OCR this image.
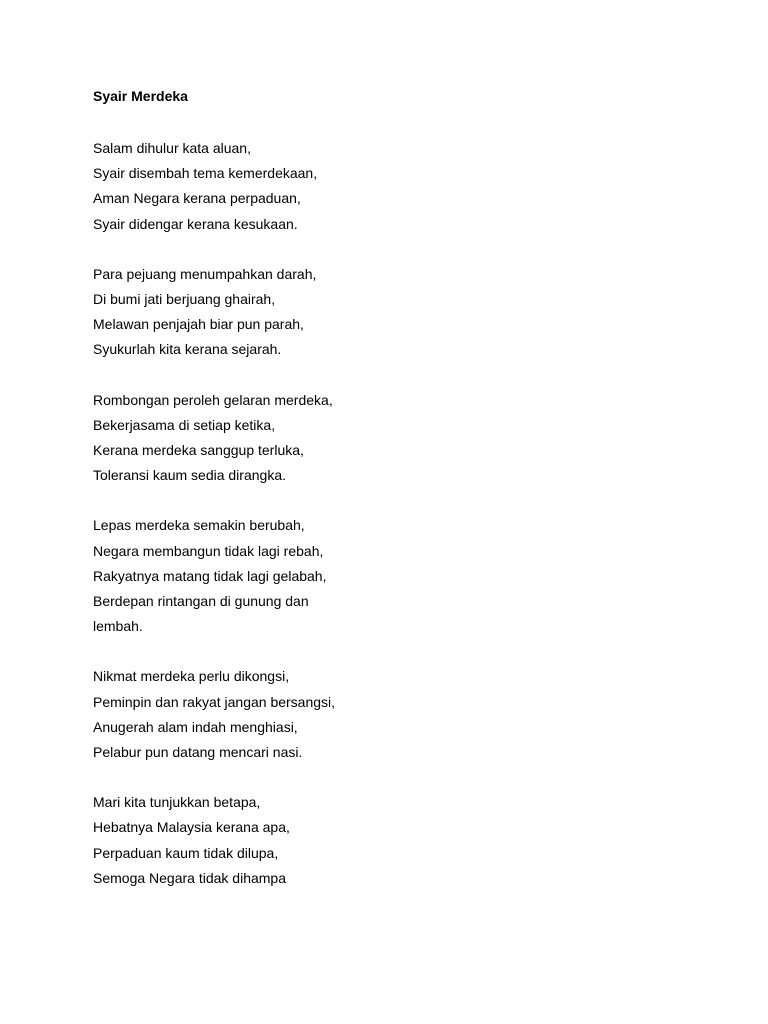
Syair Merdeka
Salam dihulur kata aluan,
Syair disembah tema kemerdekaan,
Aman Negara kerana perpaduan,
Syair didengar kerana kesukaan.
Para pejuang menumpahkan darah,
Di bumi jati berjuang ghairah,
Melawan penjajah biar pun parah,
Syukurlah kita kerana sejarah.
Rombongan peroleh gelaran merdeka,
Bekerjasama di setiap ketika,
Kerana merdeka sanggup terluka,
Toleransi kaum sedia dirangka.
Lepas merdeka semakin berubah,
Negara membangun tidak lagi rebah,
Rakyatnya matang tidak lagi gelabah,
Berdepan rintangan di gunung dan
lembah.
Nikmat merdeka perlu dikongsi,
Peminpin dan rakyat jangan bersangsi,
Anugerah alam indah menghiasi,
Pelabur pun datang mencari nasi.
Mari kita tunjukkan betapa,
Hebatnya Malaysia kerana apa,
Perpaduan kaum tidak dilupa,
Semoga Negara tidak dihampa
